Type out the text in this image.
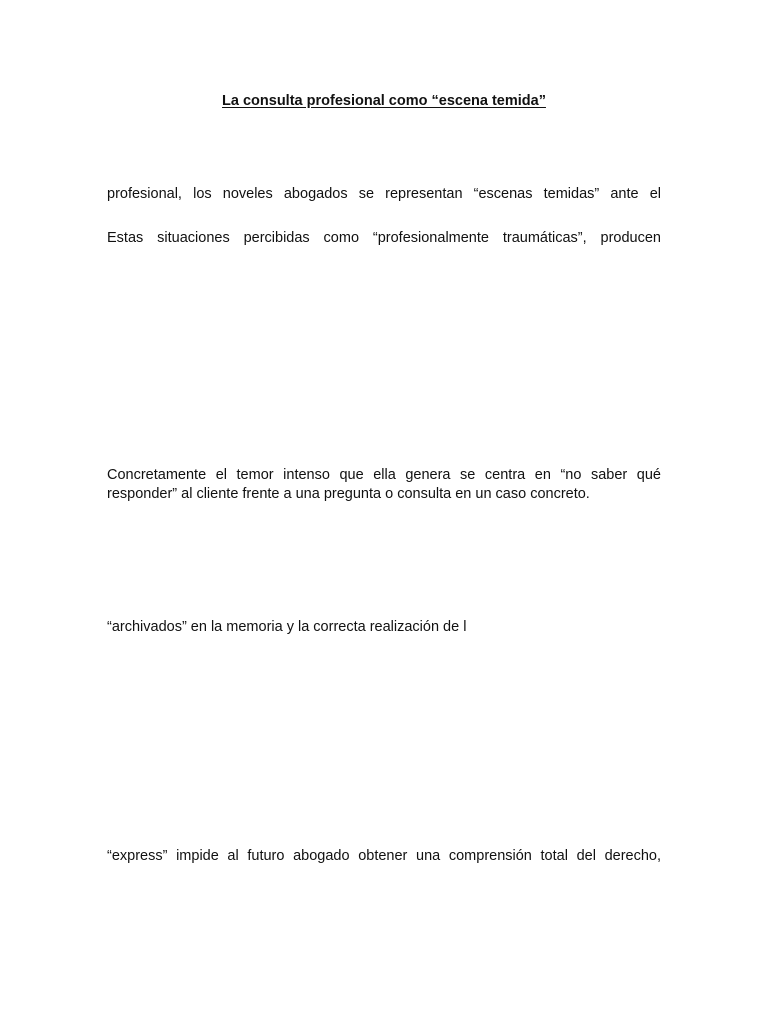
La consulta profesional como “escena temida”
profesional, los noveles abogados se representan “escenas temidas” ante el
Estas situaciones percibidas como “profesionalmente traumáticas”, producen
Concretamente el temor intenso que ella genera se centra en “no saber qué
responder” al cliente frente a una pregunta o consulta en un caso concreto.
“archivados” en la memoria y la correcta realización de l
“express” impide al futuro abogado obtener una comprensión total del derecho,
